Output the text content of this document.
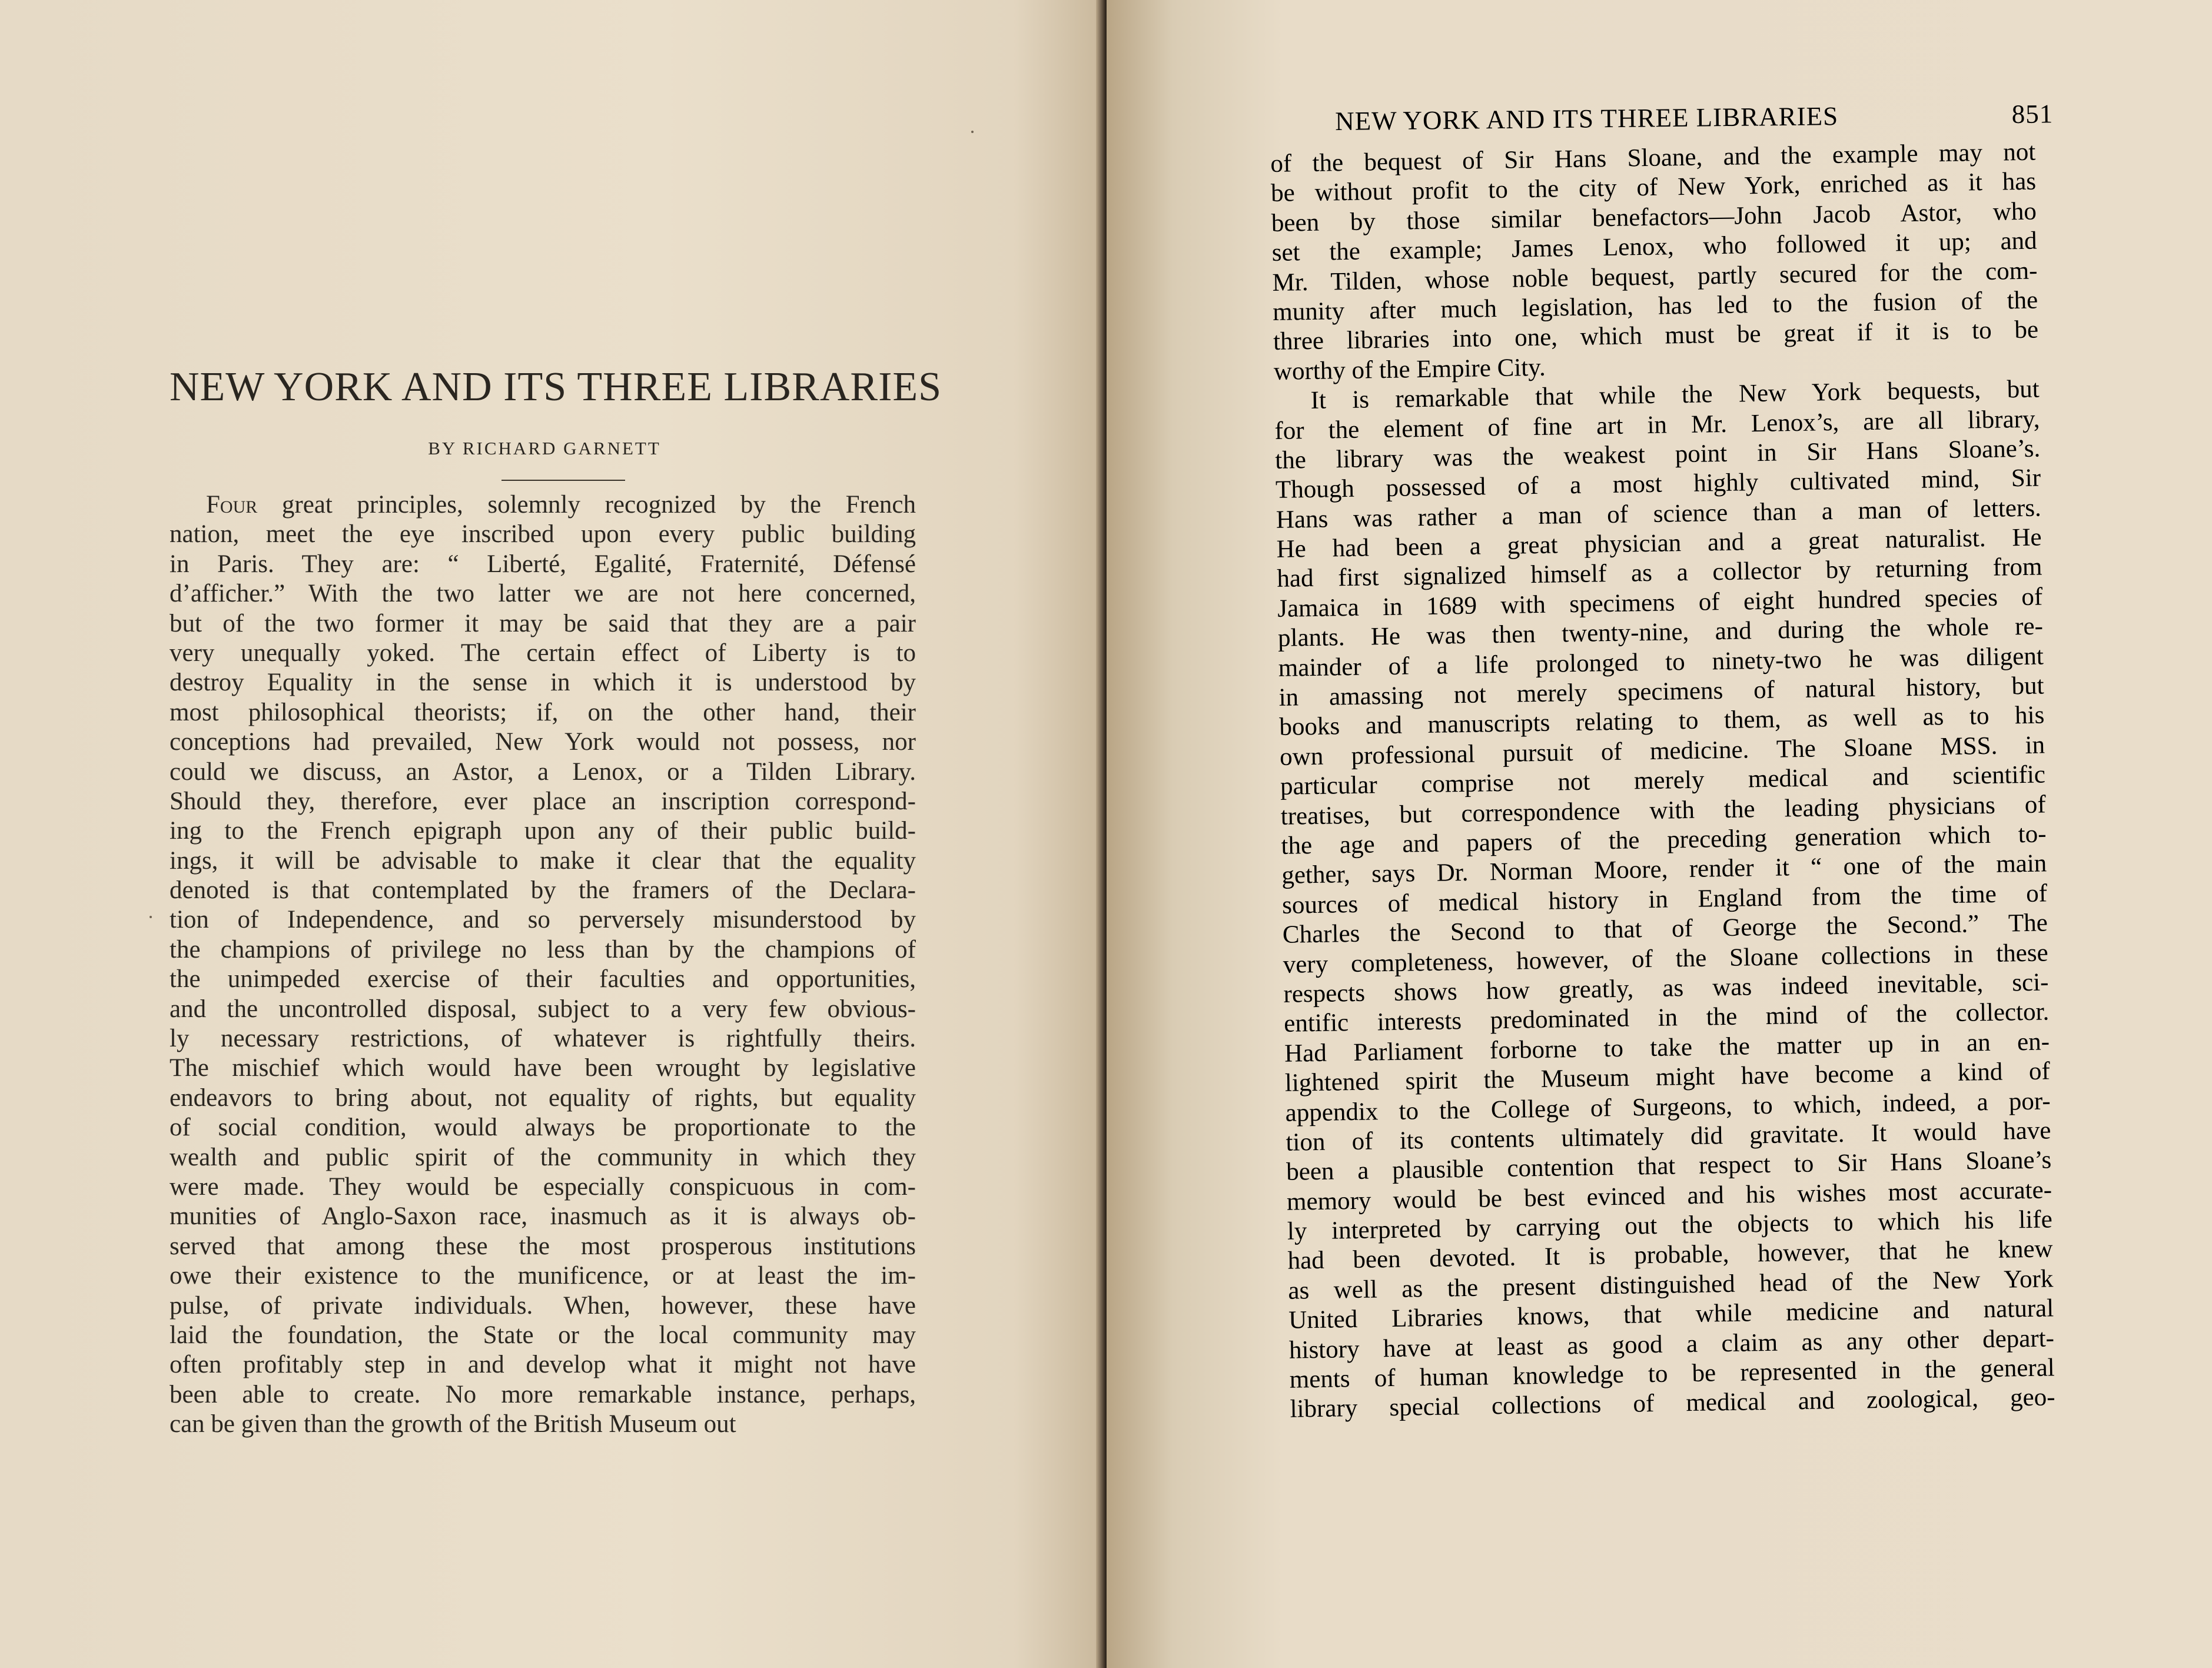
NEW YORK AND ITS THREE LIBRARIES
BY RICHARD GARNETT
Four great principles, solemnly recognized by the French
nation, meet the eye inscribed upon every public building
in Paris. They are: “ Liberté, Egalité, Fraternité, Défensé
d’afficher.” With the two latter we are not here concerned,
but of the two former it may be said that they are a pair
very unequally yoked. The certain effect of Liberty is to
destroy Equality in the sense in which it is understood by
most philosophical theorists; if, on the other hand, their
conceptions had prevailed, New York would not possess, nor
could we discuss, an Astor, a Lenox, or a Tilden Library.
Should they, therefore, ever place an inscription correspond-
ing to the French epigraph upon any of their public build-
ings, it will be advisable to make it clear that the equality
denoted is that contemplated by the framers of the Declara-
tion of Independence, and so perversely misunderstood by
the champions of privilege no less than by the champions of
the unimpeded exercise of their faculties and opportunities,
and the uncontrolled disposal, subject to a very few obvious-
ly necessary restrictions, of whatever is rightfully theirs.
The mischief which would have been wrought by legislative
endeavors to bring about, not equality of rights, but equality
of social condition, would always be proportionate to the
wealth and public spirit of the community in which they
were made. They would be especially conspicuous in com-
munities of Anglo-Saxon race, inasmuch as it is always ob-
served that among these the most prosperous institutions
owe their existence to the munificence, or at least the im-
pulse, of private individuals. When, however, these have
laid the foundation, the State or the local community may
often profitably step in and develop what it might not have
been able to create. No more remarkable instance, perhaps,
can be given than the growth of the British Museum out
NEW YORK AND ITS THREE LIBRARIES	851
of the bequest of Sir Hans Sloane, and the example may not
be without profit to the city of New York, enriched as it has
been by those similar benefactors—John Jacob Astor, who
set the example; James Lenox, who followed it up; and
Mr. Tilden, whose noble bequest, partly secured for the com-
munity after much legislation, has led to the fusion of the
three libraries into one, which must be great if it is to be
worthy of the Empire City.
It is remarkable that while the New York bequests, but
for the element of fine art in Mr. Lenox’s, are all library,
the library was the weakest point in Sir Hans Sloane’s.
Though possessed of a most highly cultivated mind, Sir
Hans was rather a man of science than a man of letters.
He had been a great physician and a great naturalist. He
had first signalized himself as a collector by returning from
Jamaica in 1689 with specimens of eight hundred species of
plants. He was then twenty-nine, and during the whole re-
mainder of a life prolonged to ninety-two he was diligent
in amassing not merely specimens of natural history, but
books and manuscripts relating to them, as well as to his
own professional pursuit of medicine. The Sloane MSS. in
particular comprise not merely medical and scientific
treatises, but correspondence with the leading physicians of
the age and papers of the preceding generation which to-
gether, says Dr. Norman Moore, render it “ one of the main
sources of medical history in England from the time of
Charles the Second to that of George the Second.” The
very completeness, however, of the Sloane collections in these
respects shows how greatly, as was indeed inevitable, sci-
entific interests predominated in the mind of the collector.
Had Parliament forborne to take the matter up in an en-
lightened spirit the Museum might have become a kind of
appendix to the College of Surgeons, to which, indeed, a por-
tion of its contents ultimately did gravitate. It would have
been a plausible contention that respect to Sir Hans Sloane’s
memory would be best evinced and his wishes most accurate-
ly interpreted by carrying out the objects to which his life
had been devoted. It is probable, however, that he knew
as well as the present distinguished head of the New York
United Libraries knows, that while medicine and natural
history have at least as good a claim as any other depart-
ments of human knowledge to be represented in the general
library special collections of medical and zoological, geo-
